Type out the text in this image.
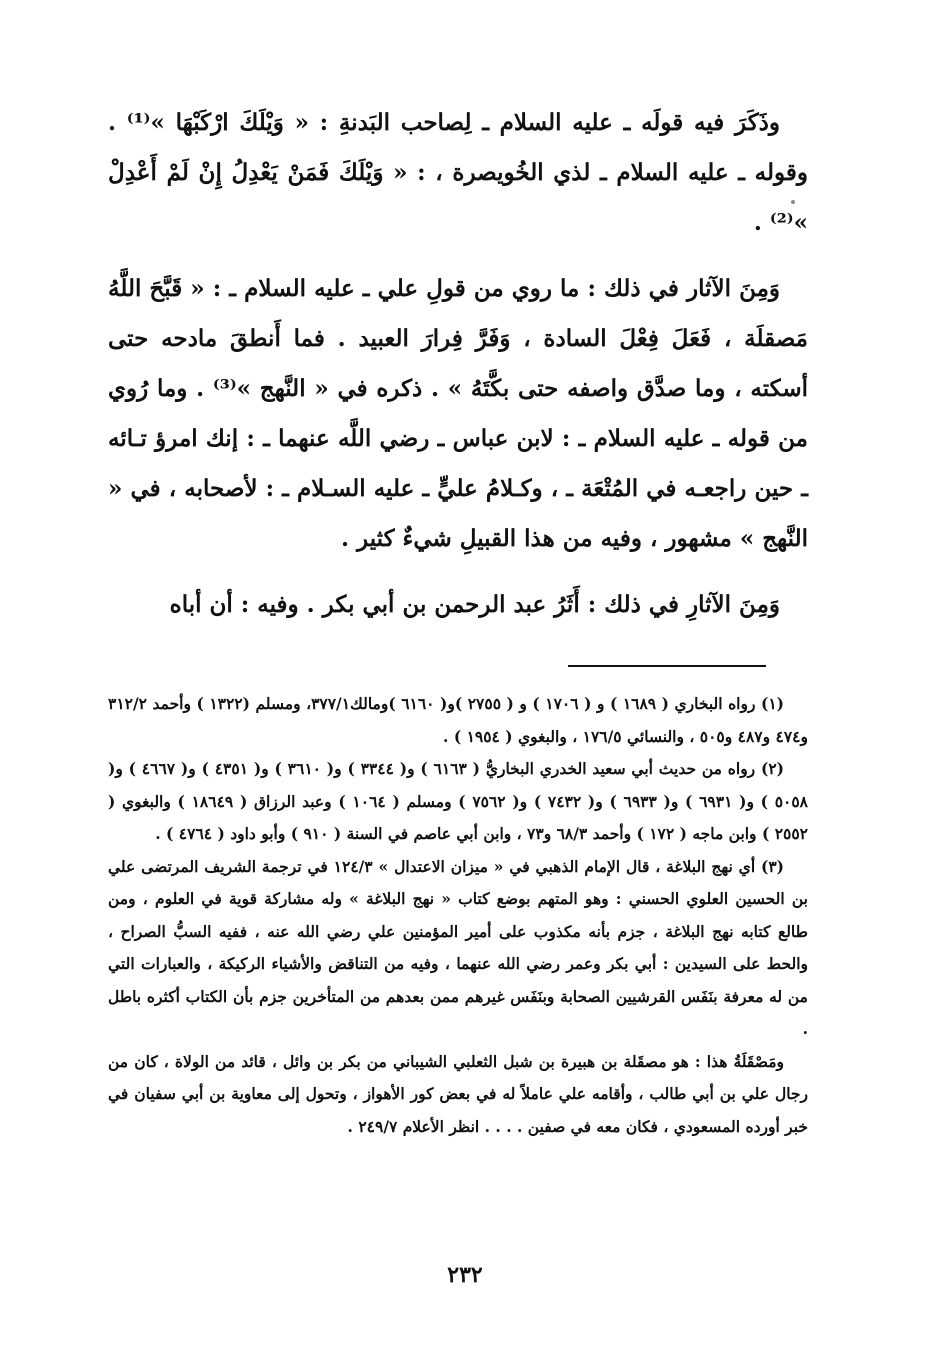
وذَكَرَ فيه قولَه ـ عليه السلام ـ لِصاحب البَدنةِ : « وَيْلَكَ ارْكَبْهَا »⁽¹⁾ . وقوله ـ عليه السلام ـ لذي الخُويصرة ، : « وَيْلَكَ فَمَنْ يَعْدِلُ إِنْ لَمْ أَعْدِلْ »⁽²⁾ .

وَمِنَ الآثار في ذلك : ما روي من قولِ علي ـ عليه السلام ـ : « قَبَّحَ اللَّهُ مَصقلَة ، فَعَلَ فِعْلَ السادة ، وَفَرَّ فِرارَ العبيد . فما أَنطقَ مادحه حتى أسكته ، وما صدَّق واصفه حتى بكَّتَهُ » . ذكره في « النَّهج »⁽³⁾ . وما رُوي من قوله ـ عليه السلام ـ : لابن عباس ـ رضي اللَّه عنهما ـ : إنك امرؤ تـائه ـ حين راجعـه في المُتْعَة ـ ، وكـلامُ عليٍّ ـ عليه السـلام ـ : لأصحابه ، في « النَّهج » مشهور ، وفيه من هذا القبيلِ شيءٌ كثير .

وَمِنَ الآثارِ في ذلك : أَثَرُ عبد الرحمن بن أبي بكر . وفيه : أن أباه

(١) رواه البخاري ( ١٦٨٩ ) و ( ١٧٠٦ ) و ( ٢٧٥٥ )و( ٦١٦٠ )ومالك٣٧٧/١، ومسلم (١٣٢٢ ) وأحمد ٣١٢/٢ و٤٧٤ و٤٨٧ و٥٠٥ ، والنسائي ١٧٦/٥ ، والبغوي ( ١٩٥٤ ) .

(٢) رواه من حديث أبي سعيد الخدري البخاريُّ ( ٦١٦٣ ) و( ٣٣٤٤ ) و( ٣٦١٠ ) و( ٤٣٥١ ) و( ٤٦٦٧ ) و( ٥٠٥٨ ) و( ٦٩٣١ ) و( ٦٩٣٣ ) و( ٧٤٣٢ ) و( ٧٥٦٢ ) ومسلم ( ١٠٦٤ ) وعبد الرزاق ( ١٨٦٤٩ ) والبغوي ( ٢٥٥٢ ) وابن ماجه ( ١٧٢ ) وأحمد ٦٨/٣ و٧٣ ، وابن أبي عاصم في السنة ( ٩١٠ ) وأبو داود ( ٤٧٦٤ ) .

(٣) أي نهج البلاغة ، قال الإمام الذهبي في « ميزان الاعتدال » ١٢٤/٣ في ترجمة الشريف المرتضى علي بن الحسين العلوي الحسني : وهو المتهم بوضع كتاب « نهج البلاغة » وله مشاركة قوية في العلوم ، ومن طالع كتابه نهج البلاغة ، جزم بأنه مكذوب على أمير المؤمنين علي رضي الله عنه ، ففيه السبُّ الصراح ، والحط على السيدين : أبي بكر وعمر رضي الله عنهما ، وفيه من التناقض والأشياء الركيكة ، والعبارات التي من له معرفة بنَفَس القرشيين الصحابة وبنَفَس غيرهم ممن بعدهم من المتأخرين جزم بأن الكتاب أكثره باطل .

ومَصْقَلَةُ هذا : هو مصقَلة بن هبيرة بن شبل الثعلبي الشيباني من بكر بن وائل ، قائد من الولاة ، كان من رجال علي بن أبي طالب ، وأقامه علي عاملاً له في بعض كور الأهواز ، وتحول إلى معاوية بن أبي سفيان في خبر أورده المسعودي ، فكان معه في صفين . . . . انظر الأعلام ٢٤٩/٧ .

٢٣٢
